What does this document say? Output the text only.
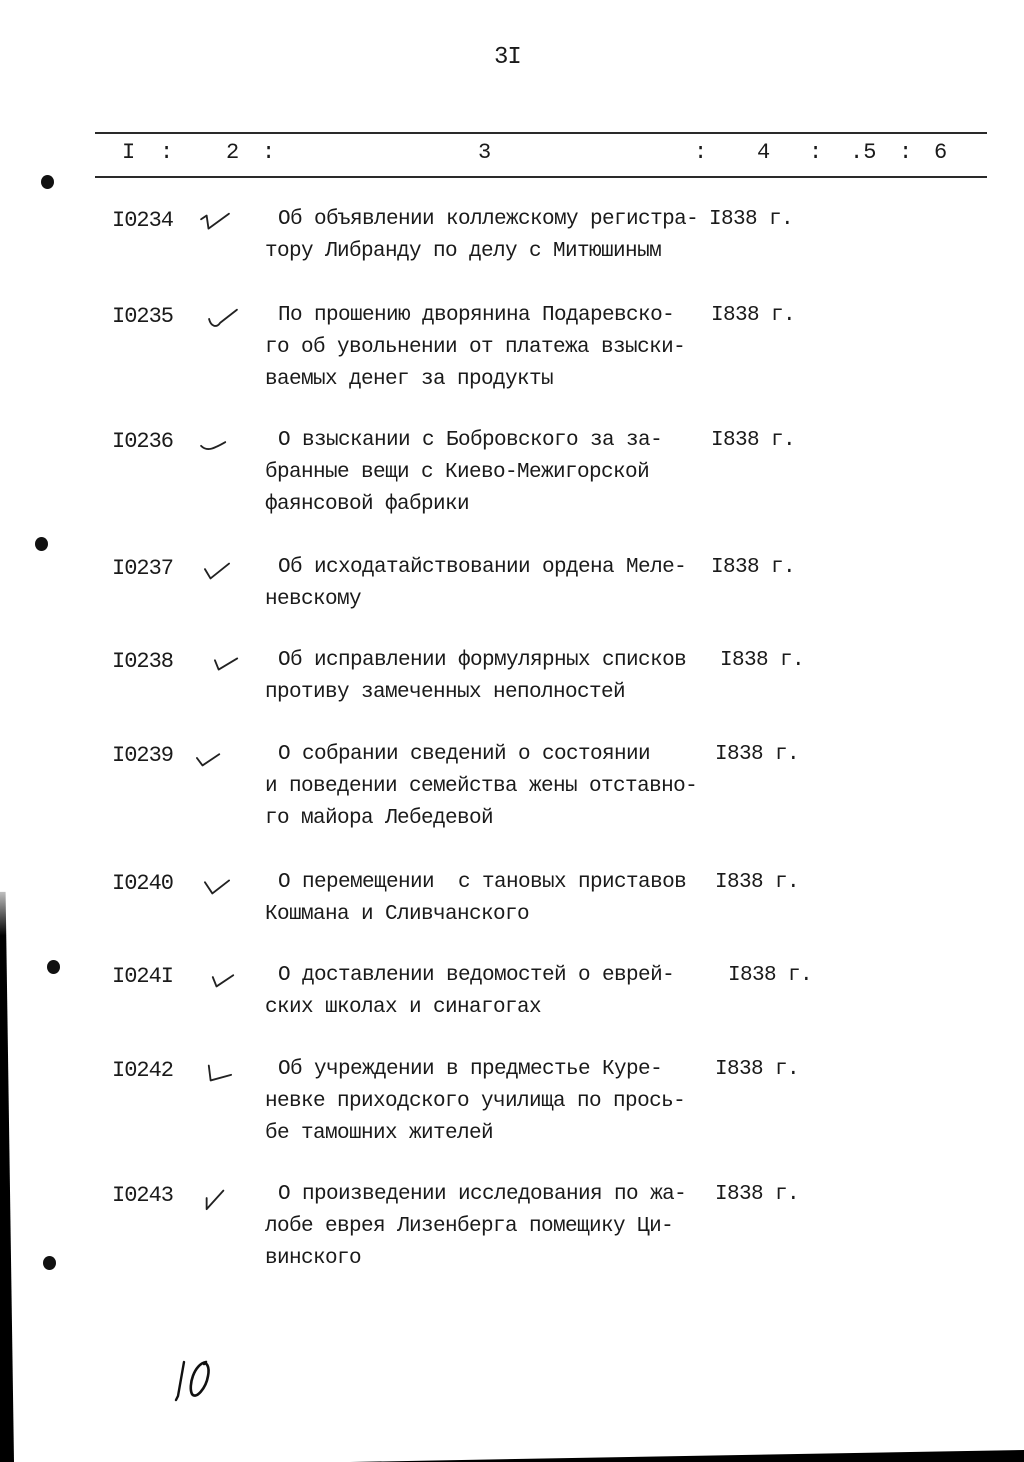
3I
I : 2 :	3	: 4 : .5 : 6
I0234	Об объявлении коллежскому регистра-
тору Либранду по делу с Митюшиным
I838 г.
I0235	По прошению дворянина Подаревско-
го об увольнении от платежа взыски-
ваемых денег за продукты
I838 г.
I0236	О взыскании с Бобровского за за-
бранные вещи с Киево-Межигорской
фаянсовой фабрики
I838 г.
I0237	Об исходатайствовании ордена Меле-
невскому
I838 г.
I0238	Об исправлении формулярных списков
противу замеченных неполностей
I838 г.
I0239	О собрании сведений о состоянии
и поведении семейства жены отставно-
го майора Лебедевой
I838 г.
I0240	О перемещении  с тановых приставов
Кошмана и Сливчанского
I838 г.
I024I	О доставлении ведомостей о еврей-
ских школах и синагогах
I838 г.
I0242	Об учреждении в предместье Куре-
невке приходского училища по прось-
бе тамошних жителей
I838 г.
I0243	О произведении исследования по жа-
лобе еврея Лизенберга помещику Ци-
винского
I838 г.
